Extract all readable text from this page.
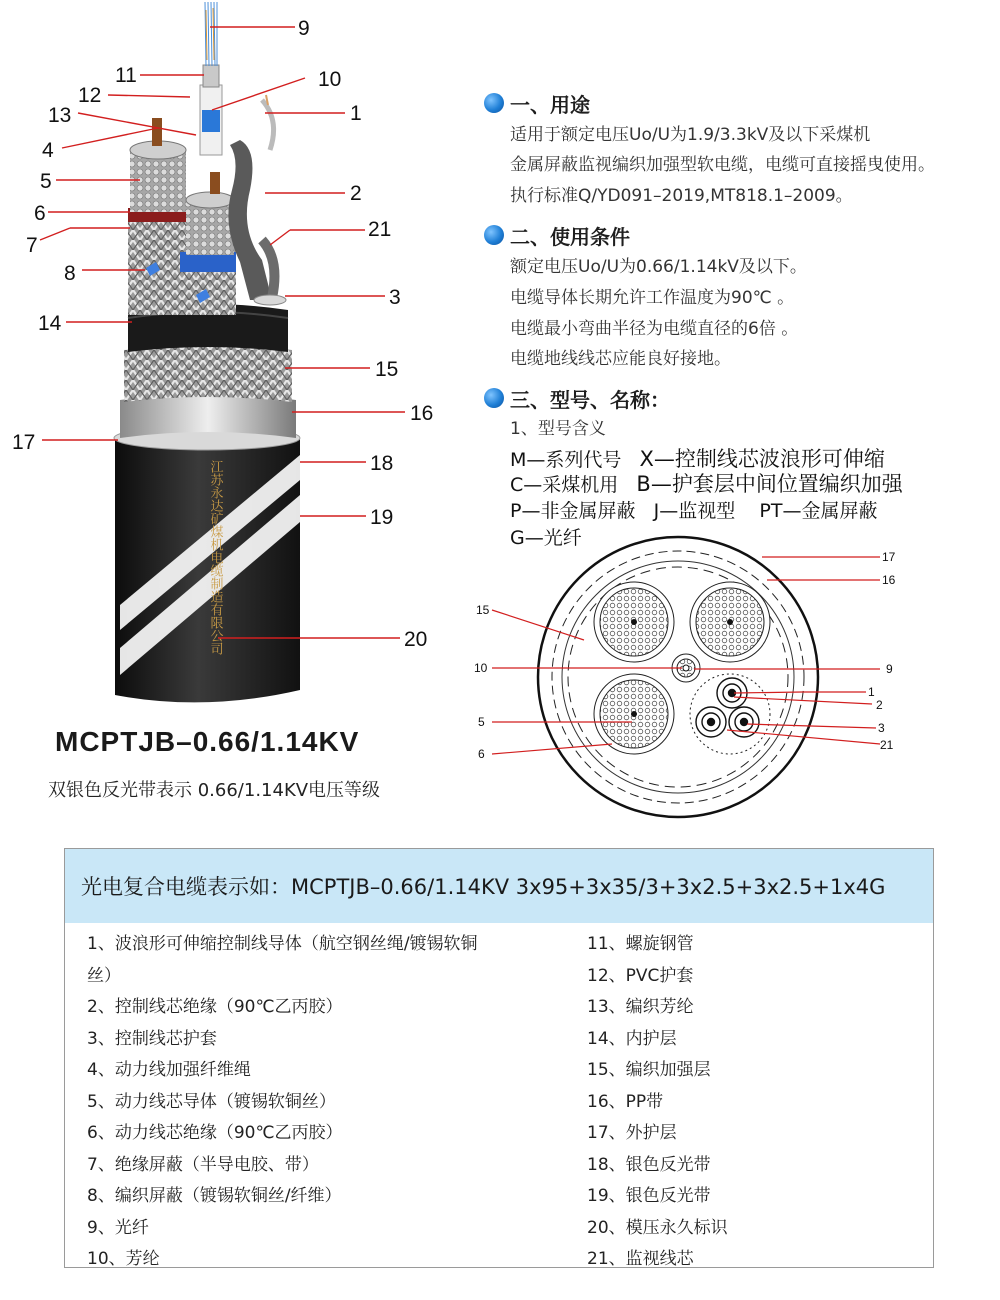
江苏永达矿煤机电缆制造有限公司
9
11	10
12
1
13
4
5
2
6
21
7
3
8
14
15
16
17
18
19
20
MCPTJB–0.66/1.14KV
双银色反光带表示 0.66/1.14KV电压等级
一、用途
适用于额定电压Uo/U为1.9/3.3kV及以下采煤机
金属屏蔽监视编织加强型软电缆，电缆可直接摇曳使用。
执行标准Q/YD091–2019,MT818.1–2009。
二、使用条件
额定电压Uo/U为0.66/1.14kV及以下。
电缆导体长期允许工作温度为90℃ 。
电缆最小弯曲半径为电缆直径的6倍 。
电缆地线线芯应能良好接地。
三、型号、名称：
1、型号含义
M—系列代号 X—控制线芯波浪形可伸缩
C—采煤机用 B—护套层中间位置编织加强
P—非金属屏蔽 J—监视型 PT—金属屏蔽
G—光纤
17
16
15
9
10
1
2
5	3
21
6
光电复合电缆表示如：MCPTJB–0.66/1.14KV 3x95+3x35/3+3x2.5+3x2.5+1x4G
1、波浪形可伸缩控制线导体（航空钢丝绳/镀锡软铜丝）
2、控制线芯绝缘（90℃乙丙胶）
3、控制线芯护套
4、动力线加强纤维绳
5、动力线芯导体（镀锡软铜丝）
6、动力线芯绝缘（90℃乙丙胶）
7、绝缘屏蔽（半导电胶、带）
8、编织屏蔽（镀锡软铜丝/纤维）
9、光纤
10、芳纶
11、螺旋钢管
12、PVC护套
13、编织芳纶
14、内护层
15、编织加强层
16、PP带
17、外护层
18、银色反光带
19、银色反光带
20、模压永久标识
21、监视线芯
